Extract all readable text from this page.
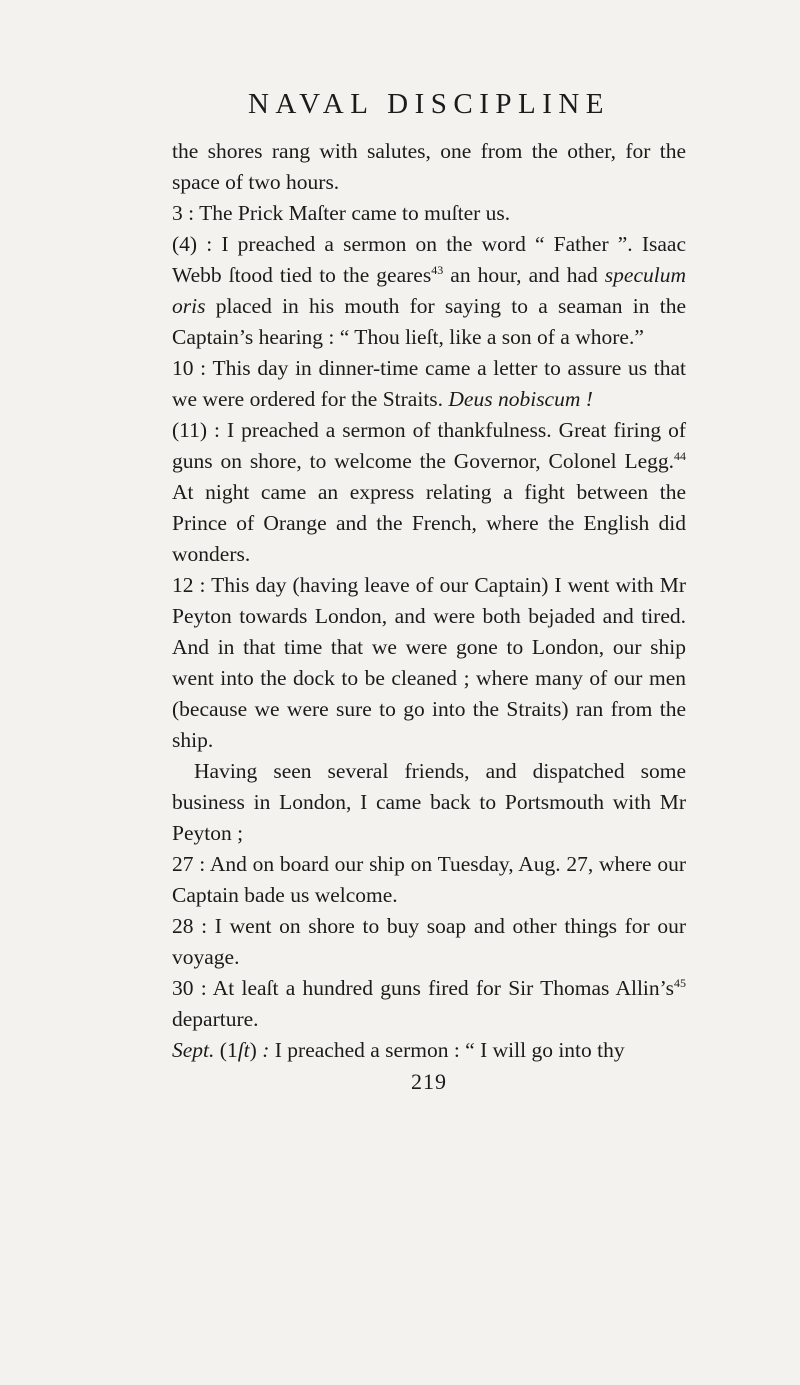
NAVAL DISCIPLINE

the shores rang with salutes, one from the other, for the space of two hours.

3 : The Prick Maſter came to muſter us.

(4) : I preached a sermon on the word “ Father ”. Isaac Webb ſtood tied to the geares$^{43}$ an hour, and had speculum oris placed in his mouth for saying to a seaman in the Captain’s hearing : “ Thou lieſt, like a son of a whore.”

10 : This day in dinner-time came a letter to assure us that we were ordered for the Straits. Deus nobiscum !

(11) : I preached a sermon of thankfulness. Great firing of guns on shore, to welcome the Governor, Colonel Legg.$^{44}$ At night came an express relating a fight between the Prince of Orange and the French, where the English did wonders.

12 : This day (having leave of our Captain) I went with Mr Peyton towards London, and were both bejaded and tired. And in that time that we were gone to London, our ship went into the dock to be cleaned ; where many of our men (because we were sure to go into the Straits) ran from the ship.

Having seen several friends, and dispatched some business in London, I came back to Portsmouth with Mr Peyton ;

27 : And on board our ship on Tuesday, Aug. 27, where our Captain bade us welcome.

28 : I went on shore to buy soap and other things for our voyage.

30 : At leaſt a hundred guns fired for Sir Thomas $Allin’s^{45}$ departure.

Sept. (1ſt) : I preached a sermon : “ I will go into thy

219
